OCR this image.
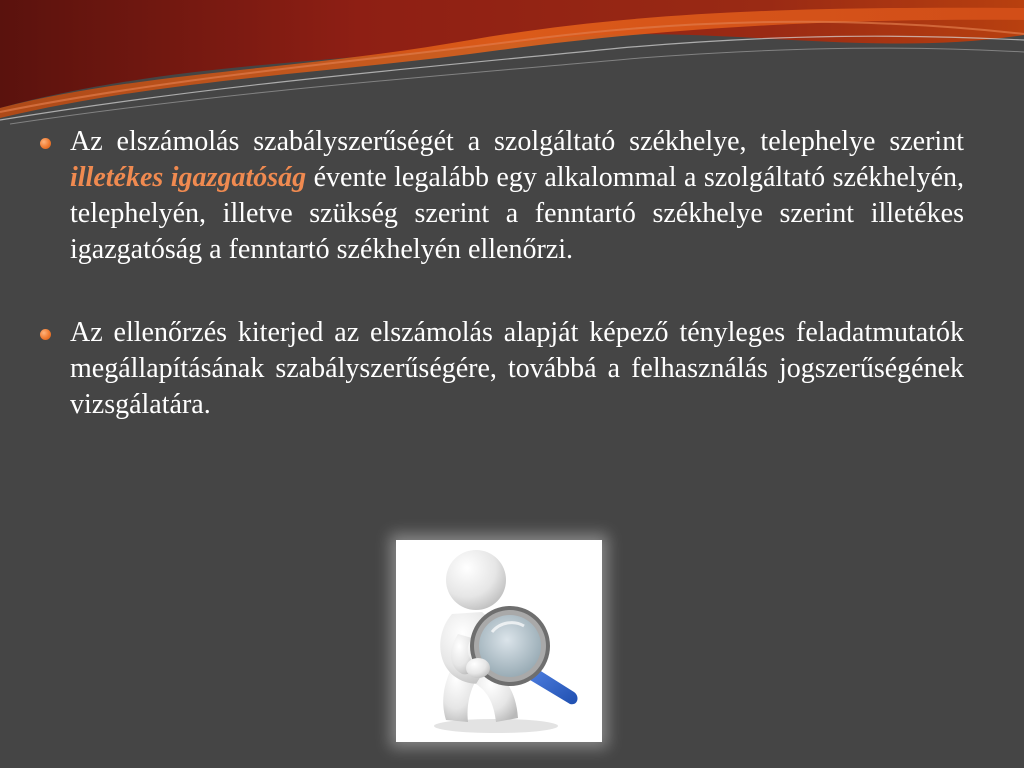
Az elszámolás szabályszerűségét a szolgáltató székhelye, telephelye szerint illetékes igazgatóság évente legalább egy alkalommal a szolgáltató székhelyén, telephelyén, illetve szükség szerint a fenntartó székhelye szerint illetékes igazgatóság a fenntartó székhelyén ellenőrzi.

Az ellenőrzés kiterjed az elszámolás alapját képező tényleges feladatmutatók megállapításának szabályszerűségére, továbbá a felhasználás jogszerűségének vizsgálatára.
